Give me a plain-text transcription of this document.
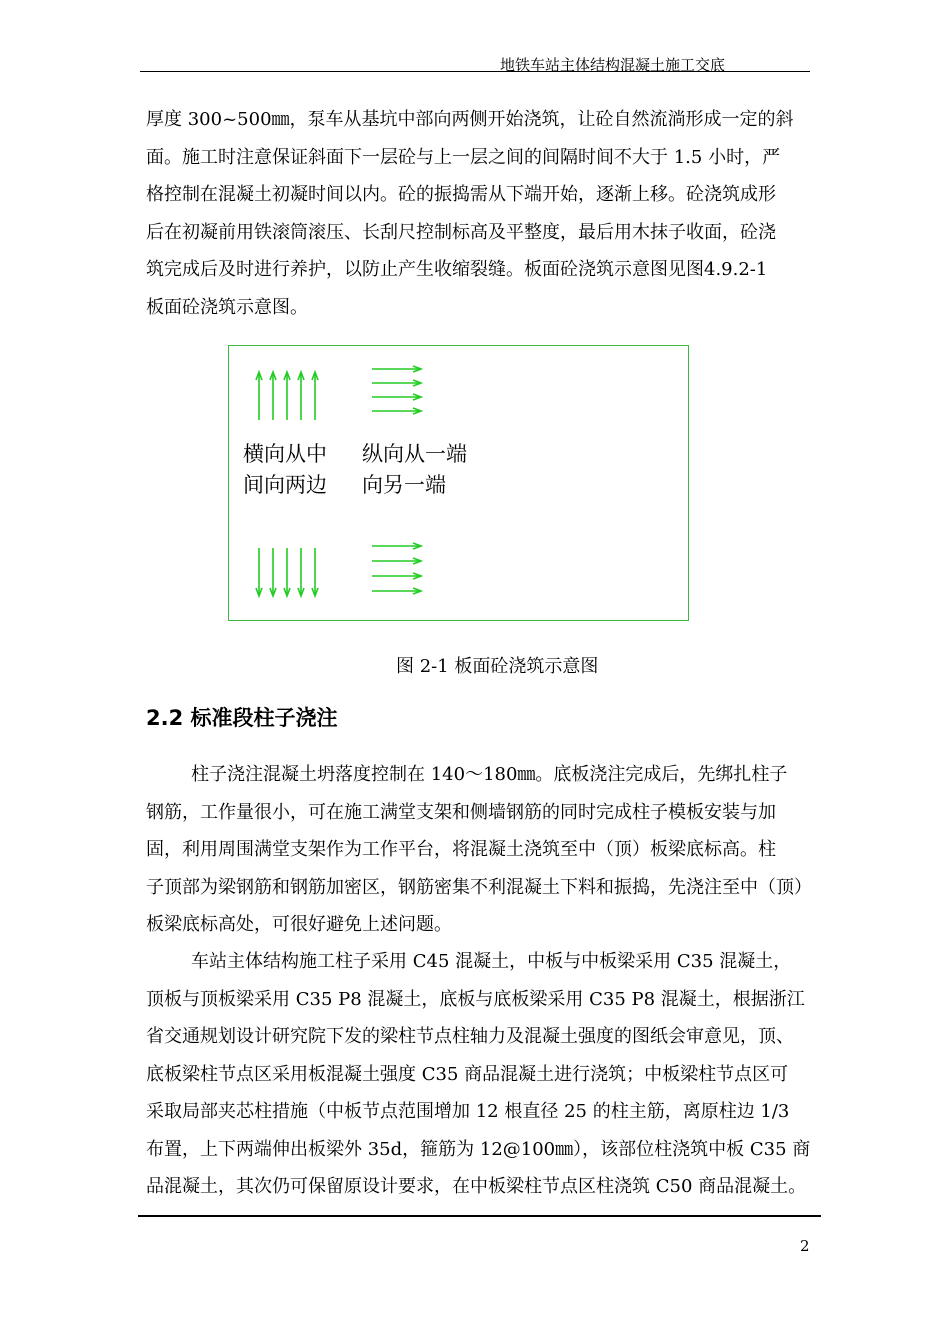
地铁车站主体结构混凝土施工交底

厚度 300~500㎜，泵车从基坑中部向两侧开始浇筑，让砼自然流淌形成一定的斜

面。施工时注意保证斜面下一层砼与上一层之间的间隔时间不大于 1.5 小时，严

格控制在混凝土初凝时间以内。砼的振捣需从下端开始，逐渐上移。砼浇筑成形

后在初凝前用铁滚筒滚压、长刮尺控制标高及平整度，最后用木抹子收面，砼浇

筑完成后及时进行养护，以防止产生收缩裂缝。板面砼浇筑示意图见图4.9.2-1

板面砼浇筑示意图。

横向从中
间向两边
纵向从一端
向另一端
图 2-1 板面砼浇筑示意图
2.2 标准段柱子浇注

柱子浇注混凝土坍落度控制在 140～180㎜。底板浇注完成后，先绑扎柱子

钢筋，工作量很小，可在施工满堂支架和侧墙钢筋的同时完成柱子模板安装与加

固，利用周围满堂支架作为工作平台，将混凝土浇筑至中（顶）板梁底标高。柱

子顶部为梁钢筋和钢筋加密区，钢筋密集不利混凝土下料和振捣，先浇注至中（顶）

板梁底标高处，可很好避免上述问题。

车站主体结构施工柱子采用 C45 混凝土，中板与中板梁采用 C35 混凝土，

顶板与顶板梁采用 C35 P8 混凝土，底板与底板梁采用 C35 P8 混凝土，根据浙江

省交通规划设计研究院下发的梁柱节点柱轴力及混凝土强度的图纸会审意见，顶、

底板梁柱节点区采用板混凝土强度 C35 商品混凝土进行浇筑；中板梁柱节点区可

采取局部夹芯柱措施（中板节点范围增加 12 根直径 25 的柱主筋，离原柱边 1/3

布置，上下两端伸出板梁外 35d，箍筋为 12@100㎜），该部位柱浇筑中板 C35 商

品混凝土，其次仍可保留原设计要求，在中板梁柱节点区柱浇筑 C50 商品混凝土。

2
